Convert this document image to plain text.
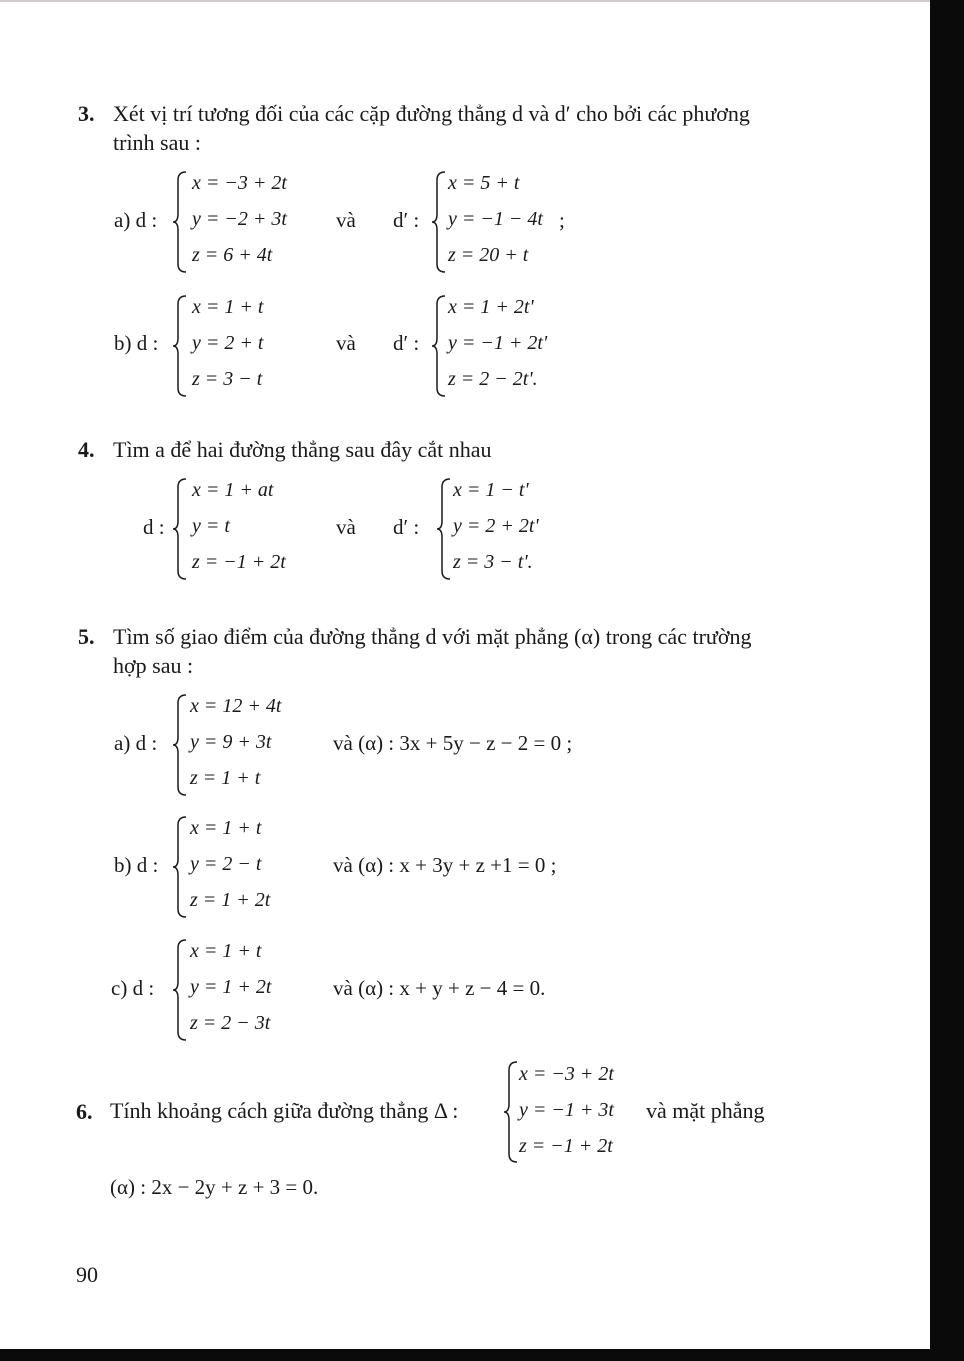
3. Xét vị trí tương đối của các cặp đường thẳng d và d′ cho bởi các phương
trình sau :
a) d :
x = −3 + 2t
y = −2 + 3t
z = 6 + 4t
và d′ :
x = 5 + t
y = −1 − 4t
z = 20 + t
;
b) d :
x = 1 + t
y = 2 + t
z = 3 − t
và d′ :
x = 1 + 2t'
y = −1 + 2t'
z = 2 − 2t'.
4. Tìm a để hai đường thẳng sau đây cắt nhau
d :
x = 1 + at
y = t
z = −1 + 2t
và d′ :
x = 1 − t'
y = 2 + 2t'
z = 3 − t'.
5. Tìm số giao điểm của đường thẳng d với mặt phẳng (α) trong các trường
hợp sau :
a) d :
x = 12 + 4t
y = 9 + 3t
z = 1 + t
và (α) : 3x + 5y − z − 2 = 0 ;
b) d :
x = 1 + t
y = 2 − t
z = 1 + 2t
và (α) : x + 3y + z +1 = 0 ;
c) d :
x = 1 + t
y = 1 + 2t
z = 2 − 3t
và (α) : x + y + z − 4 = 0.
6. Tính khoảng cách giữa đường thẳng Δ :
x = −3 + 2t
y = −1 + 3t
z = −1 + 2t
và mặt phẳng
(α) : 2x − 2y + z + 3 = 0.
90
